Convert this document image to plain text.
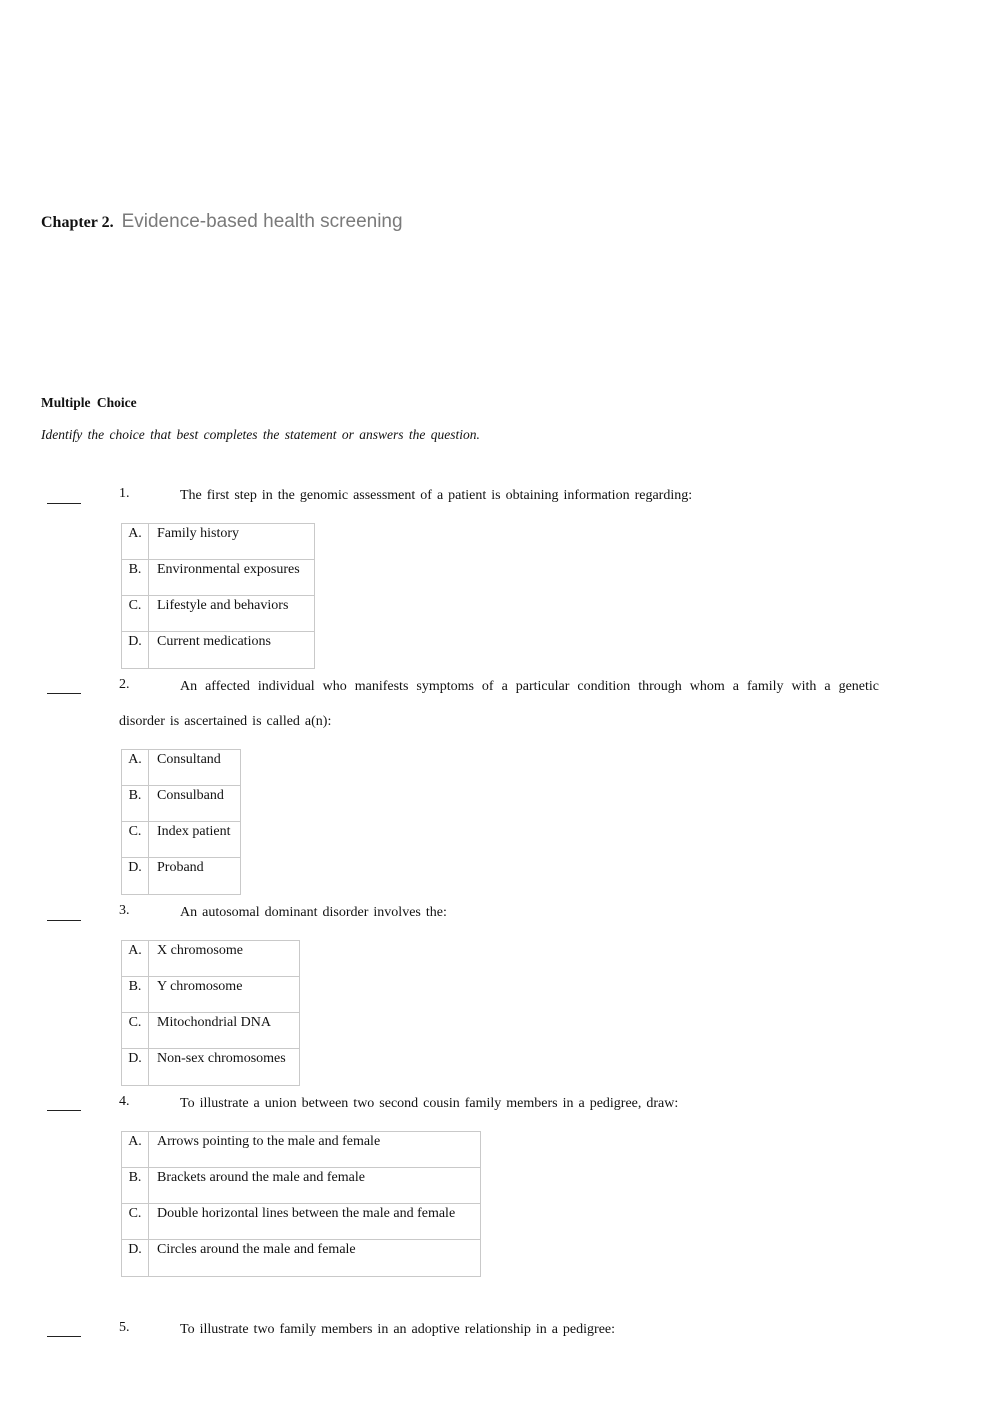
Chapter 2. Evidence-based health screening
Multiple Choice
Identify the choice that best completes the statement or answers the question.
The first step in the genomic assessment of a patient is obtaining information regarding:
1.
A.	Family history

B.	Environmental exposures

C.	Lifestyle and behaviors

D.	Current medications
An affected individual who manifests symptoms of a particular condition through whom a family with a genetic disorder is ascertained is called a(n):
2.
A.	Consultand

B.	Consulband

C.	Index patient

D.	Proband
An autosomal dominant disorder involves the:
3.
A.	X chromosome

B.	Y chromosome

C.	Mitochondrial DNA

D.	Non-sex chromosomes
To illustrate a union between two second cousin family members in a pedigree, draw:
4.
A.	Arrows pointing to the male and female

B.	Brackets around the male and female

C.	Double horizontal lines between the male and female

D.	Circles around the male and female
To illustrate two family members in an adoptive relationship in a pedigree:
5.
